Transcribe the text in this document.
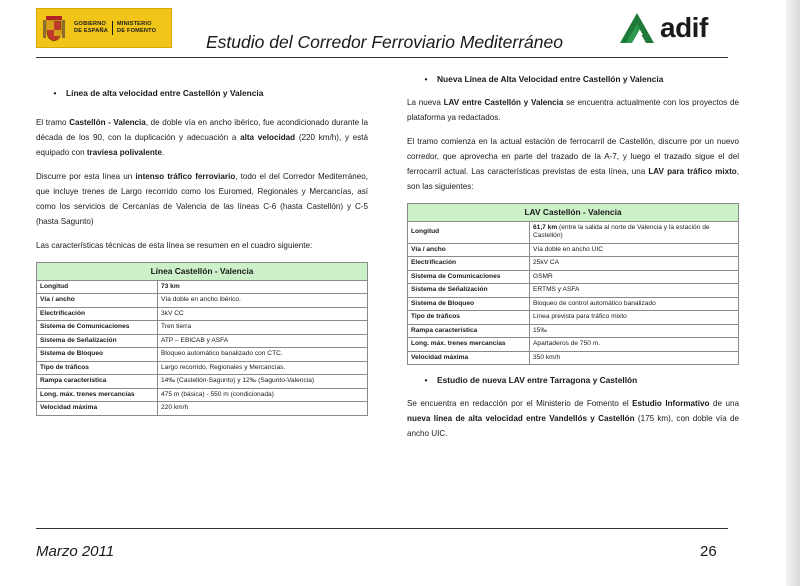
GOBIERNO
DE ESPAÑA
MINISTERIO
DE FOMENTO
Estudio del Corredor Ferroviario Mediterráneo	adif
•	Línea de alta velocidad entre Castellón y Valencia

El tramo Castellón - Valencia, de doble vía en ancho ibérico, fue acondicionado durante la década de los 90, con la duplicación y adecuación a alta velocidad (220 km/h), y está equipado con traviesa polivalente.

Discurre por esta línea un intenso tráfico ferroviario, todo el del Corredor Mediterráneo, que incluye trenes de Largo recorrido como los Euromed, Regionales y Mercancías, así como los servicios de Cercanías de Valencia de las líneas C-6 (hasta Castellón) y C-5 (hasta Sagunto)

Las características técnicas de esta línea se resumen en el cuadro siguiente:

Línea Castellón - Valencia	
Longitud	73 km
Vía / ancho	Vía doble en ancho ibérico.
Electrificación	3kV CC
Sistema de Comunicaciones	Tren tierra
Sistema de Señalización	ATP – EBICAB y ASFA
Sistema de Bloqueo	Bloqueo automático banalizado con CTC.
Tipo de tráficos	Largo recorrido, Regionales y Mercancías.
Rampa característica	14‰ (Castellón-Sagunto) y 12‰ (Sagunto-Valencia)
Long. máx. trenes mercancías	475 m (básica) - 550 m (condicionada)
Velocidad máxima	220 km/h
•	Nueva Línea de Alta Velocidad entre Castellón y Valencia

La nueva LAV entre Castellón y Valencia se encuentra actualmente con los proyectos de plataforma ya redactados.

El tramo comienza en la actual estación de ferrocarril de Castellón, discurre por un nuevo corredor, que aprovecha en parte del trazado de la A-7, y luego el trazado sigue el del ferrocarril actual. Las características previstas de esta línea, una LAV para tráfico mixto, son las siguientes:

LAV Castellón - Valencia	
Longitud	61,7 km (entre la salida al norte de Valencia y la estación de Castellón)
Vía / ancho	Vía doble en ancho UIC
Electrificación	25kV CA
Sistema de Comunicaciones	GSMR
Sistema de Señalización	ERTMS y ASFA
Sistema de Bloqueo	Bloqueo de control automático banalizado
Tipo de tráficos	Línea prevista para tráfico mixto
Rampa característica	15‰
Long. máx. trenes mercancías	Apartaderos de 750 m.
Velocidad máxima	350 km/h
•	Estudio de nueva LAV entre Tarragona y Castellón

Se encuentra en redacción por el Ministerio de Fomento el Estudio Informativo de una nueva línea de alta velocidad entre Vandellós y Castellón (175 km), con doble vía de ancho UIC.

Marzo 2011	26
